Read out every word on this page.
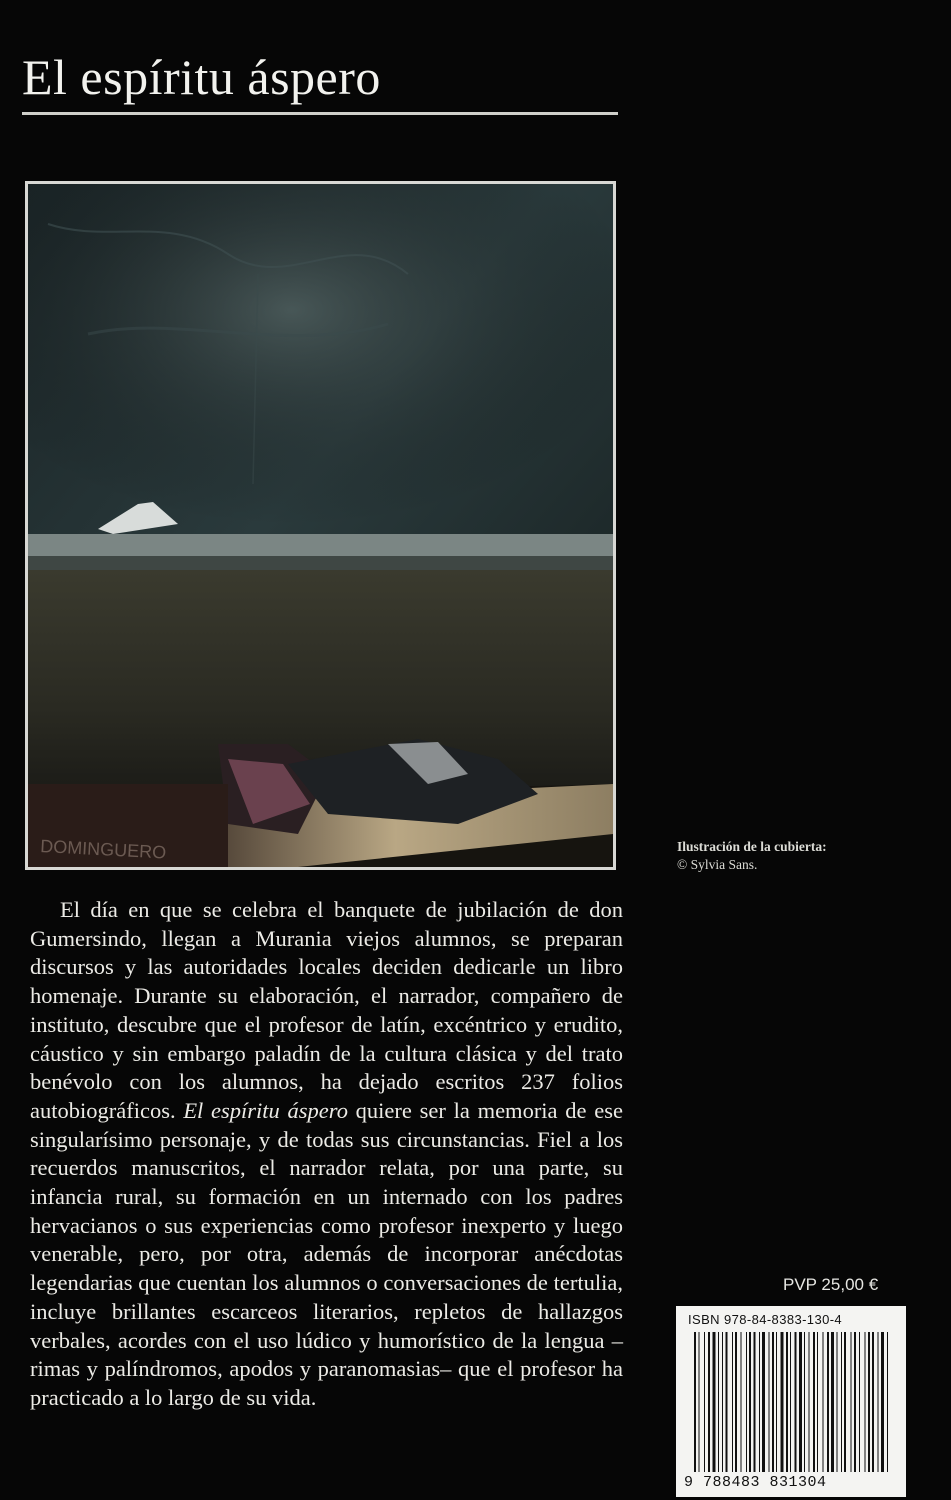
El espíritu áspero
DOMINGUERO	Ilustración de la cubierta:
© Sylvia Sans.

El día en que se celebra el banquete de jubilación de don Gumersindo, llegan a Murania viejos alumnos, se preparan discursos y las autoridades locales deciden dedicarle un libro homenaje. Durante su elaboración, el narrador, compañero de instituto, descubre que el profesor de latín, excéntrico y erudito, cáustico y sin embargo paladín de la cultura clásica y del trato benévolo con los alumnos, ha dejado escritos 237 folios autobiográficos. El espíritu áspero quiere ser la memoria de ese singularísimo personaje, y de todas sus circunstancias. Fiel a los recuerdos manuscritos, el narrador relata, por una parte, su infancia rural, su formación en un internado con los padres hervacianos o sus experiencias como profesor inexperto y luego venerable, pero, por otra, además de incorporar anécdotas legendarias que cuentan los alumnos o conversaciones de tertulia, incluye brillantes escarceos literarios, repletos de hallazgos verbales, acordes con el uso lúdico y humorístico de la lengua –rimas y palíndromos, apodos y paranomasias– que el profesor ha practicado a lo largo de su vida.

PVP 25,00 €
ISBN 978-84-8383-130-4
9 788483 831304
